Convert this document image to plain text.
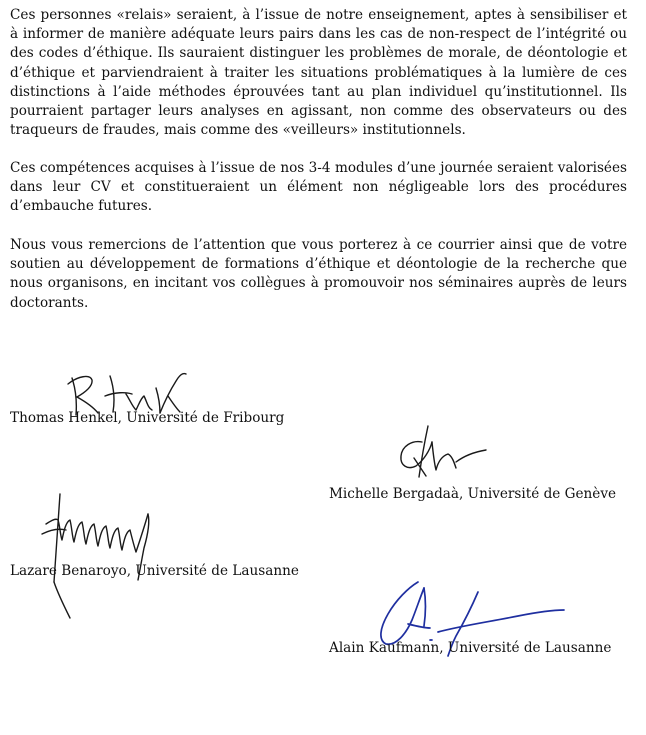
Ces personnes «relais» seraient, à l’issue de notre enseignement, aptes à sensibiliser et à informer de manière adéquate leurs pairs dans les cas de non-respect de l’intégrité ou des codes d’éthique. Ils sauraient distinguer les problèmes de morale, de déontologie et d’éthique et parviendraient à traiter les situations problématiques à la lumière de ces distinctions à l’aide méthodes éprouvées tant au plan individuel qu’institutionnel. Ils pourraient partager leurs analyses en agissant, non comme des observateurs ou des traqueurs de fraudes, mais comme des «veilleurs» institutionnels.

Ces compétences acquises à l’issue de nos 3-4 modules d’une journée seraient valorisées dans leur CV et constitueraient un élément non négligeable lors des procédures d’embauche futures.

Nous vous remercions de l’attention que vous porterez à ce courrier ainsi que de votre soutien au développement de formations d’éthique et déontologie de la recherche que nous organisons, en incitant vos collègues à promouvoir nos séminaires auprès de leurs doctorants.

Thomas Henkel, Université de Fribourg

Michelle Bergadaà, Université de Genève

Lazare Benaroyo, Université de Lausanne

Alain Kaufmann, Université de Lausanne
